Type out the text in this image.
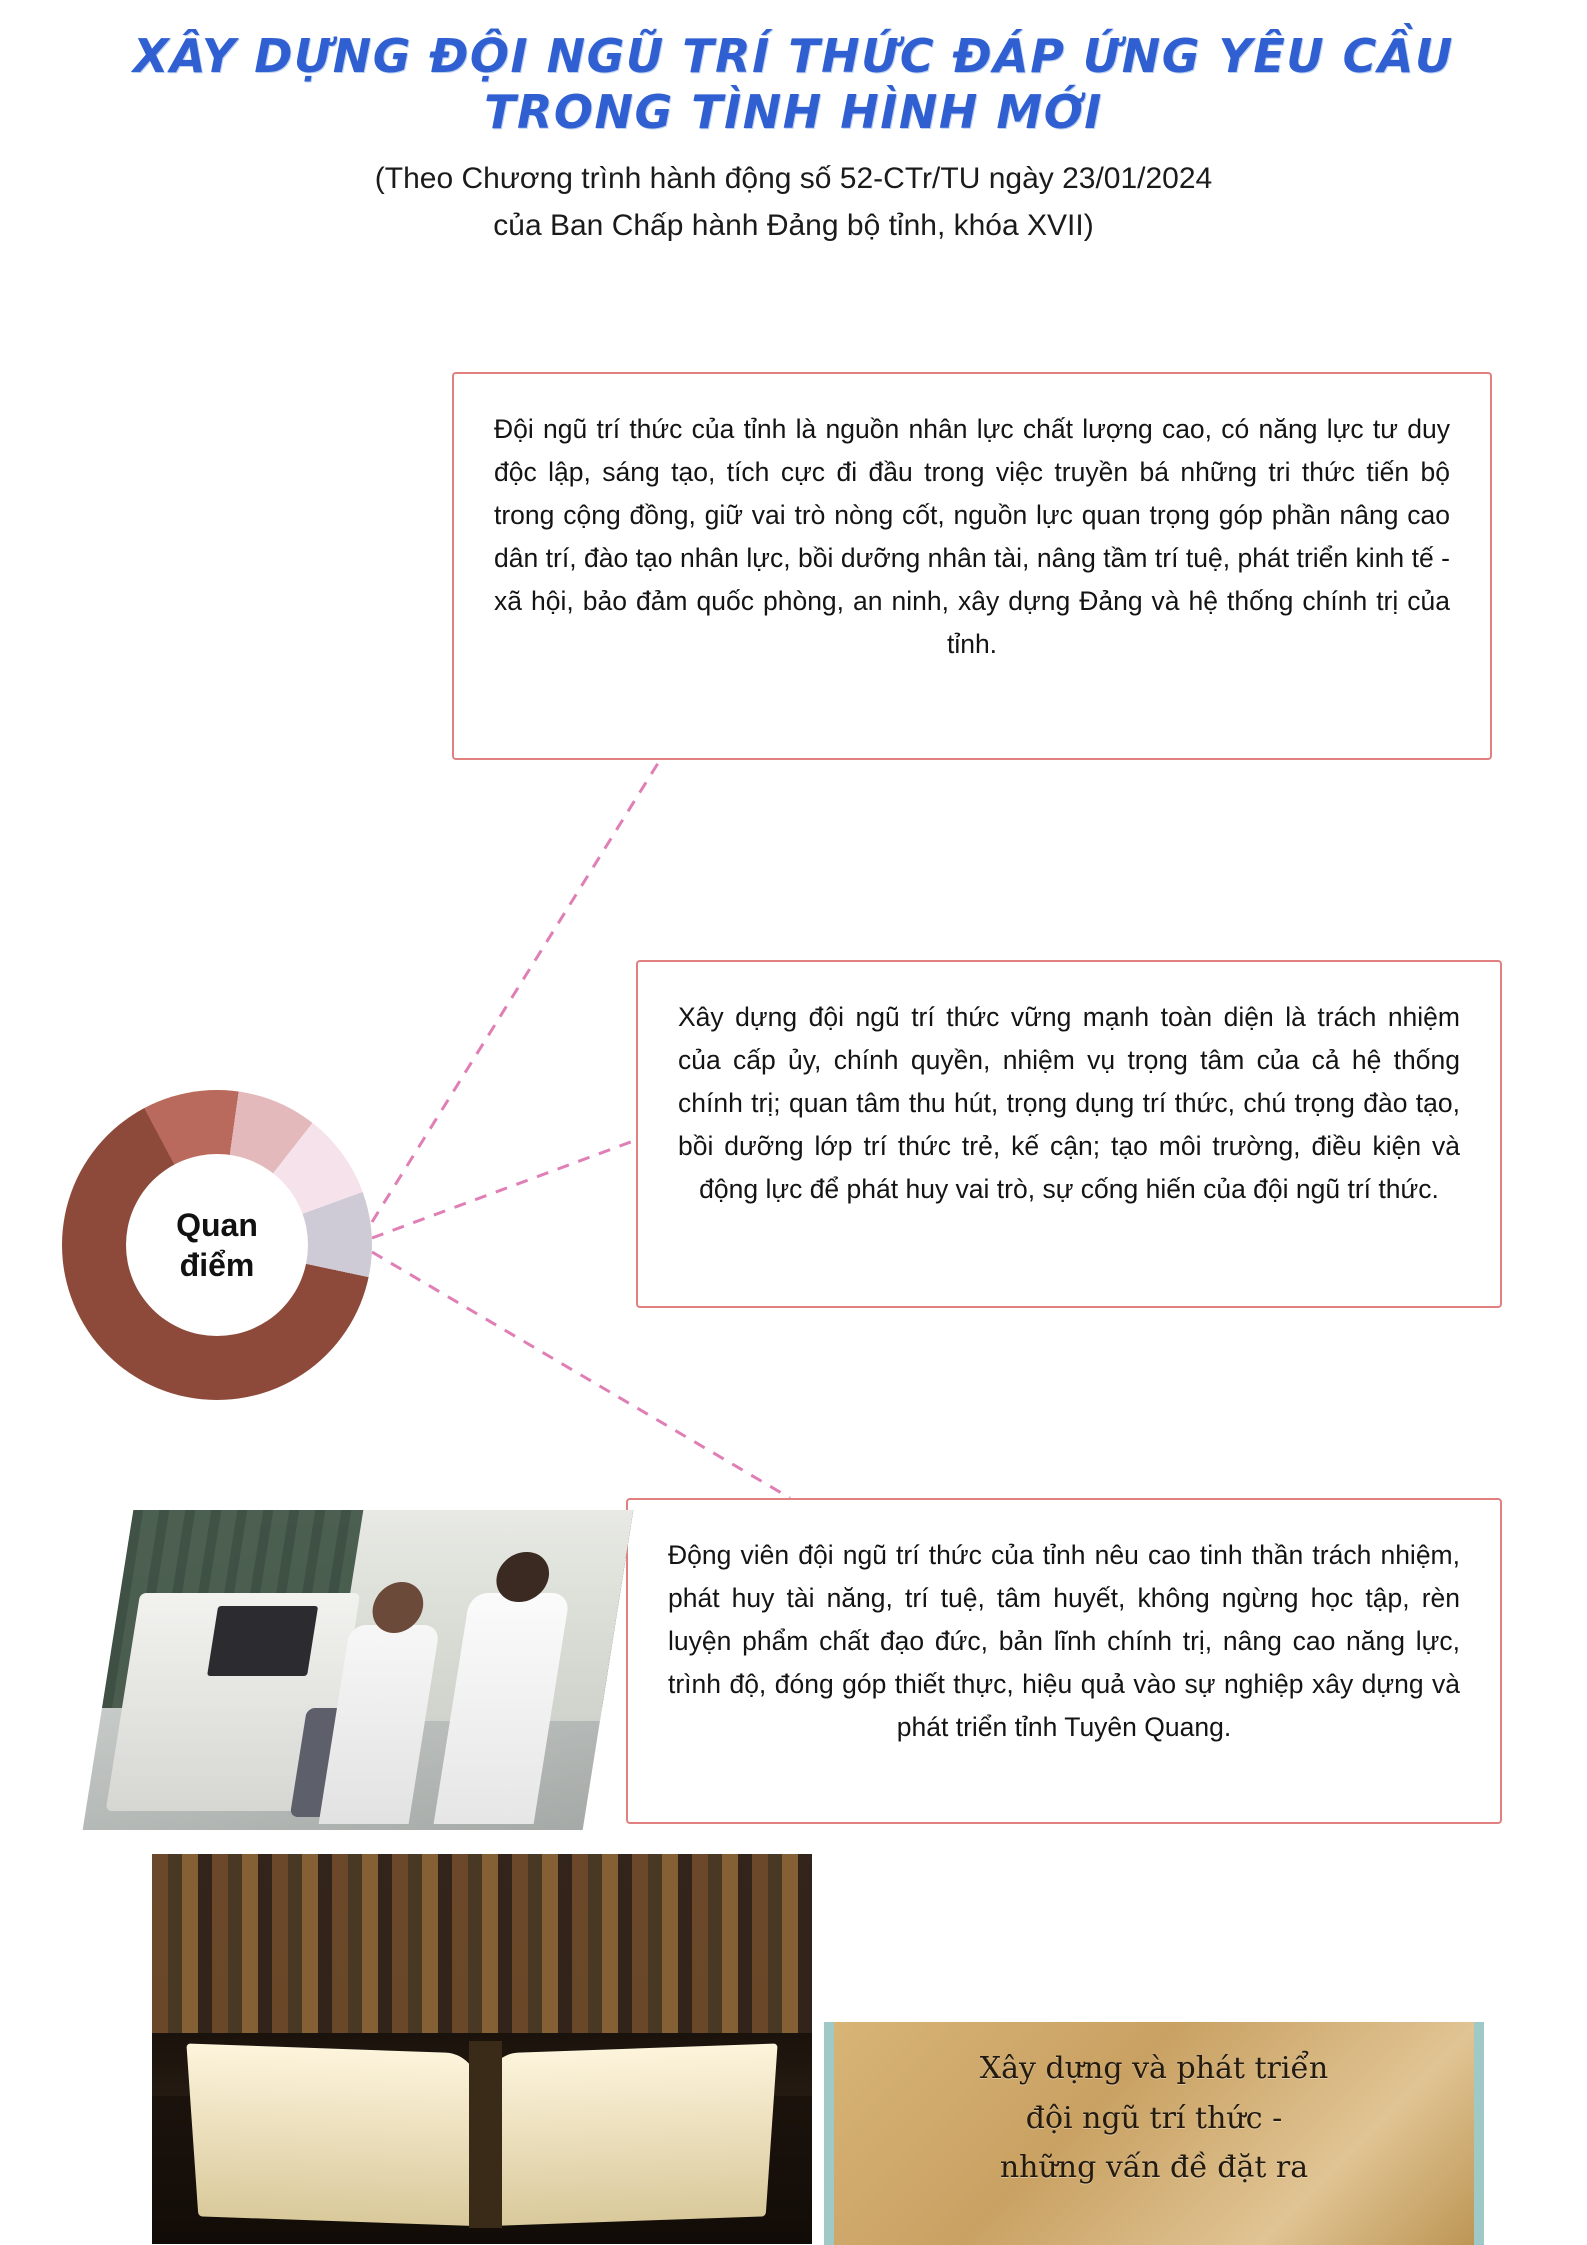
XÂY DỰNG ĐỘI NGŨ TRÍ THỨC ĐÁP ỨNG YÊU CẦU
TRONG TÌNH HÌNH MỚI
(Theo Chương trình hành động số 52-CTr/TU ngày 23/01/2024
của Ban Chấp hành Đảng bộ tỉnh, khóa XVII)
Quan
điểm
Đội ngũ trí thức của tỉnh là nguồn nhân lực chất lượng cao, có năng lực tư duy độc lập, sáng tạo, tích cực đi đầu trong việc truyền bá những tri thức tiến bộ trong cộng đồng, giữ vai trò nòng cốt, nguồn lực quan trọng góp phần nâng cao dân trí, đào tạo nhân lực, bồi dưỡng nhân tài, nâng tầm trí tuệ, phát triển kinh tế - xã hội, bảo đảm quốc phòng, an ninh, xây dựng Đảng và hệ thống chính trị của tỉnh.
Xây dựng đội ngũ trí thức vững mạnh toàn diện là trách nhiệm của cấp ủy, chính quyền, nhiệm vụ trọng tâm của cả hệ thống chính trị; quan tâm thu hút, trọng dụng trí thức, chú trọng đào tạo, bồi dưỡng lớp trí thức trẻ, kế cận; tạo môi trường, điều kiện và động lực để phát huy vai trò, sự cống hiến của đội ngũ trí thức.
Động viên đội ngũ trí thức của tỉnh nêu cao tinh thần trách nhiệm, phát huy tài năng, trí tuệ, tâm huyết, không ngừng học tập, rèn luyện phẩm chất đạo đức, bản lĩnh chính trị, nâng cao năng lực, trình độ, đóng góp thiết thực, hiệu quả vào sự nghiệp xây dựng và phát triển tỉnh Tuyên Quang.
Xây dựng và phát triển
đội ngũ trí thức -
những vấn đề đặt ra
